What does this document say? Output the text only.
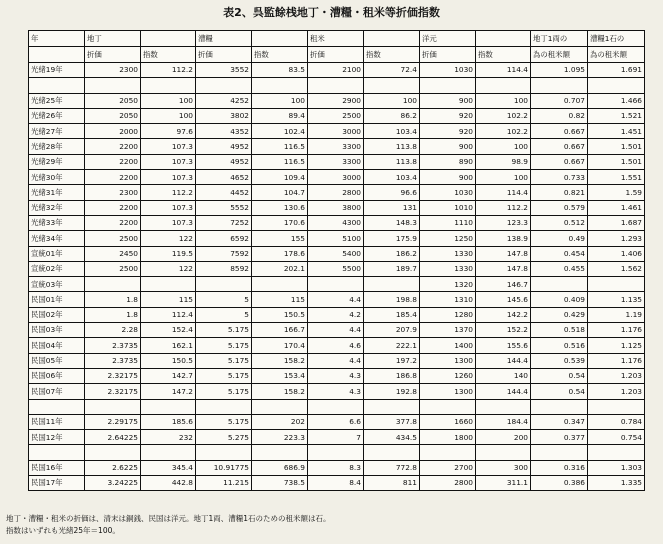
表2、呉監餘桟地丁・漕糧・租米等折価指数
年	地丁		漕糧		租米		洋元		地丁1両の	漕糧1石の
	折価	指数	折価	指数	折価	指数	折価	指数	為の租米額	為の租米額
光緒19年	2300	112.2	3552	83.5	2100	72.4	1030	114.4	1.095	1.691

光緒25年	2050	100	4252	100	2900	100	900	100	0.707	1.466
光緒26年	2050	100	3802	89.4	2500	86.2	920	102.2	0.82	1.521
光緒27年	2000	97.6	4352	102.4	3000	103.4	920	102.2	0.667	1.451
光緒28年	2200	107.3	4952	116.5	3300	113.8	900	100	0.667	1.501
光緒29年	2200	107.3	4952	116.5	3300	113.8	890	98.9	0.667	1.501
光緒30年	2200	107.3	4652	109.4	3000	103.4	900	100	0.733	1.551
光緒31年	2300	112.2	4452	104.7	2800	96.6	1030	114.4	0.821	1.59
光緒32年	2200	107.3	5552	130.6	3800	131	1010	112.2	0.579	1.461
光緒33年	2200	107.3	7252	170.6	4300	148.3	1110	123.3	0.512	1.687
光緒34年	2500	122	6592	155	5100	175.9	1250	138.9	0.49	1.293
宣統01年	2450	119.5	7592	178.6	5400	186.2	1330	147.8	0.454	1.406
宣統02年	2500	122	8592	202.1	5500	189.7	1330	147.8	0.455	1.562
宣統03年							1320	146.7		
民国01年	1.8	115	5	115	4.4	198.8	1310	145.6	0.409	1.135
民国02年	1.8	112.4	5	150.5	4.2	185.4	1280	142.2	0.429	1.19
民国03年	2.28	152.4	5.175	166.7	4.4	207.9	1370	152.2	0.518	1.176
民国04年	2.3735	162.1	5.175	170.4	4.6	222.1	1400	155.6	0.516	1.125
民国05年	2.3735	150.5	5.175	158.2	4.4	197.2	1300	144.4	0.539	1.176
民国06年	2.32175	142.7	5.175	153.4	4.3	186.8	1260	140	0.54	1.203
民国07年	2.32175	147.2	5.175	158.2	4.3	192.8	1300	144.4	0.54	1.203

民国11年	2.29175	185.6	5.175	202	6.6	377.8	1660	184.4	0.347	0.784
民国12年	2.64225	232	5.275	223.3	7	434.5	1800	200	0.377	0.754

民国16年	2.6225	345.4	10.91775	686.9	8.3	772.8	2700	300	0.316	1.303
民国17年	3.24225	442.8	11.215	738.5	8.4	811	2800	311.1	0.386	1.335
地丁・漕糧・租米の折価は、清末は銅銭、民国は洋元。地丁1両、漕糧1石のための租米額は石。
指数はいずれも光緒25年＝100。
